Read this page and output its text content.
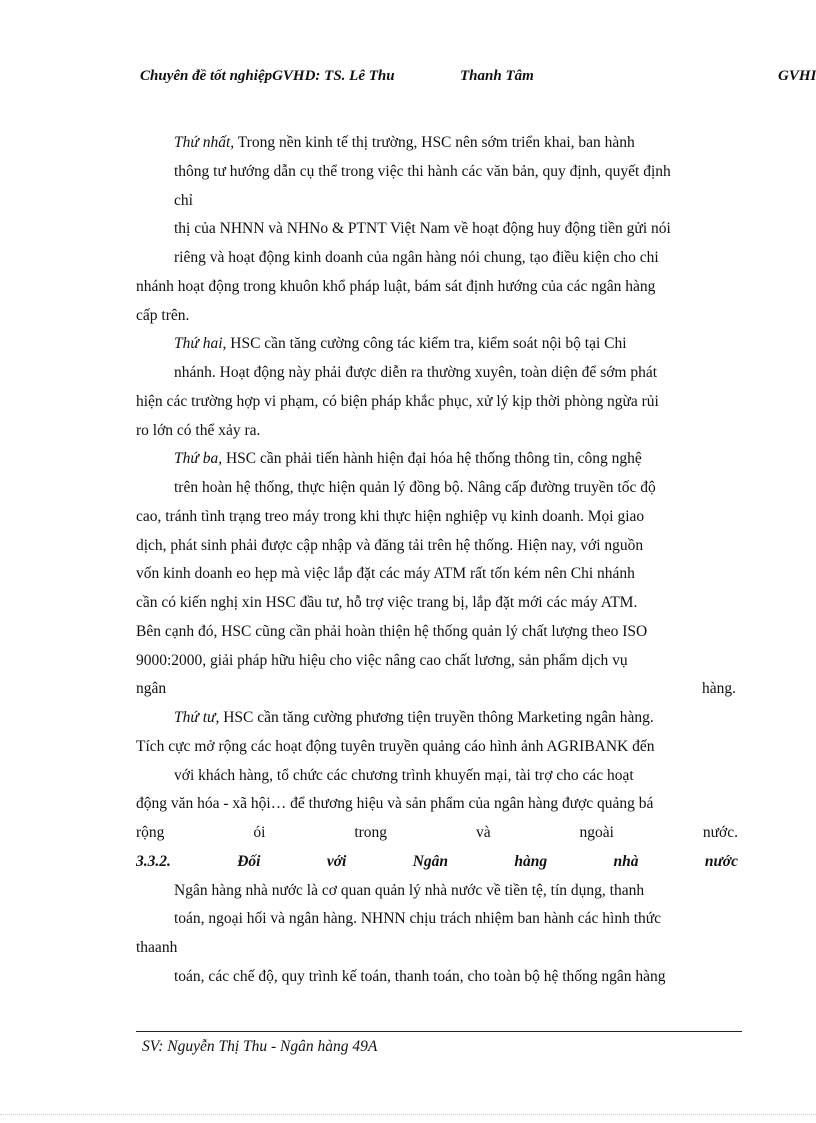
Chuyên đề tốt nghiệpGVHD: TS. Lê Thu	Thanh Tâm	GVHI
Thứ nhất, Trong nền kinh tế thị trường, HSC nên sớm triển khai, ban hành
thông tư hướng dẫn cụ thể trong việc thi hành các văn bản, quy định, quyết định
chỉ
thị của NHNN và NHNo & PTNT Việt Nam về hoạt động huy động tiền gửi nói
riêng và hoạt động kinh doanh của ngân hàng nói chung, tạo điều kiện cho chi
nhánh hoạt động trong khuôn khổ pháp luật, bám sát định hướng của các ngân hàng
cấp trên.
Thứ hai, HSC cần tăng cường công tác kiểm tra, kiểm soát nội bộ tại Chi
nhánh. Hoạt động này phải được diễn ra thường xuyên, toàn diện để sớm phát
hiện các trường hợp vi phạm, có biện pháp khắc phục, xử lý kịp thời phòng ngừa rủi
ro lớn có thể xảy ra.
Thứ ba, HSC cần phải tiến hành hiện đại hóa hệ thống thông tin, công nghệ
trên hoàn hệ thống, thực hiện quản lý đồng bộ. Nâng cấp đường truyền tốc độ
cao, tránh tình trạng treo máy trong khi thực hiện nghiệp vụ kinh doanh. Mọi giao
dịch, phát sinh phải được cập nhập và đăng tải trên hệ thống. Hiện nay, với nguồn
vốn kinh doanh eo hẹp mà việc lắp đặt các máy ATM rất tốn kém nên Chi nhánh
cần có kiến nghị xin HSC đầu tư, hỗ trợ việc trang bị, lắp đặt mới các máy ATM.
Bên cạnh đó, HSC cũng cần phải hoàn thiện hệ thống quản lý chất lượng theo ISO
9000:2000, giải pháp hữu hiệu cho việc nâng cao chất lương, sản phẩm dịch vụ
ngân	hàng.
Thứ tư, HSC cần tăng cường phương tiện truyền thông Marketing ngân hàng.
Tích cực mở rộng các hoạt động tuyên truyền quảng cáo hình ảnh AGRIBANK đến
với khách hàng, tổ chức các chương trình khuyến mại, tài trợ cho các hoạt
động văn hóa - xã hội… để thương hiệu và sản phẩm của ngân hàng được quảng bá
rộng	ói	trong	và	ngoài	nước.
3.3.2.	Đối	với	Ngân	hàng	nhà	nước
Ngân hàng nhà nước là cơ quan quản lý nhà nước về tiền tệ, tín dụng, thanh
toán, ngoại hối và ngân hàng. NHNN chịu trách nhiệm ban hành các hình thức
thaanh
toán, các chế độ, quy trình kế toán, thanh toán, cho toàn bộ hệ thống ngân hàng
SV: Nguyễn Thị Thu - Ngân hàng 49A
